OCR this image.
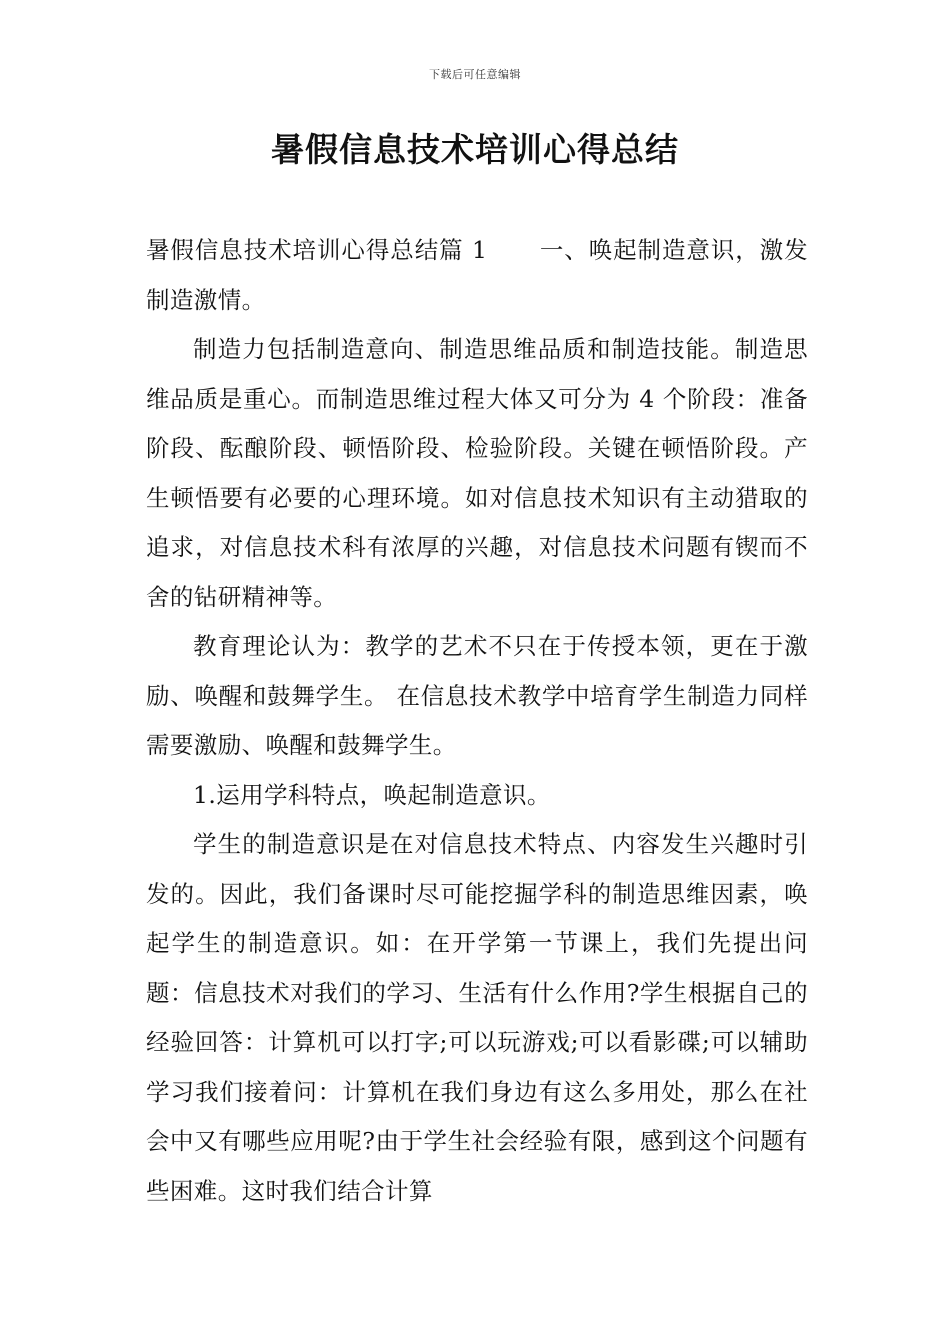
下载后可任意编辑
暑假信息技术培训心得总结

暑假信息技术培训心得总结篇 1 一、唤起制造意识，激发制造激情。

制造力包括制造意向、制造思维品质和制造技能。制造思维品质是重心。而制造思维过程大体又可分为 4 个阶段：准备阶段、酝酿阶段、顿悟阶段、检验阶段。关键在顿悟阶段。产生顿悟要有必要的心理环境。如对信息技术知识有主动猎取的追求，对信息技术科有浓厚的兴趣，对信息技术问题有锲而不舍的钻研精神等。

教育理论认为：教学的艺术不只在于传授本领，更在于激励、唤醒和鼓舞学生。 在信息技术教学中培育学生制造力同样需要激励、唤醒和鼓舞学生。

1.运用学科特点，唤起制造意识。

学生的制造意识是在对信息技术特点、内容发生兴趣时引发的。因此，我们备课时尽可能挖掘学科的制造思维因素，唤起学生的制造意识。如：在开学第一节课上，我们先提出问题：信息技术对我们的学习、生活有什么作用?学生根据自己的经验回答：计算机可以打字;可以玩游戏;可以看影碟;可以辅助学习我们接着问：计算机在我们身边有这么多用处，那么在社会中又有哪些应用呢?由于学生社会经验有限，感到这个问题有些困难。这时我们结合计算
